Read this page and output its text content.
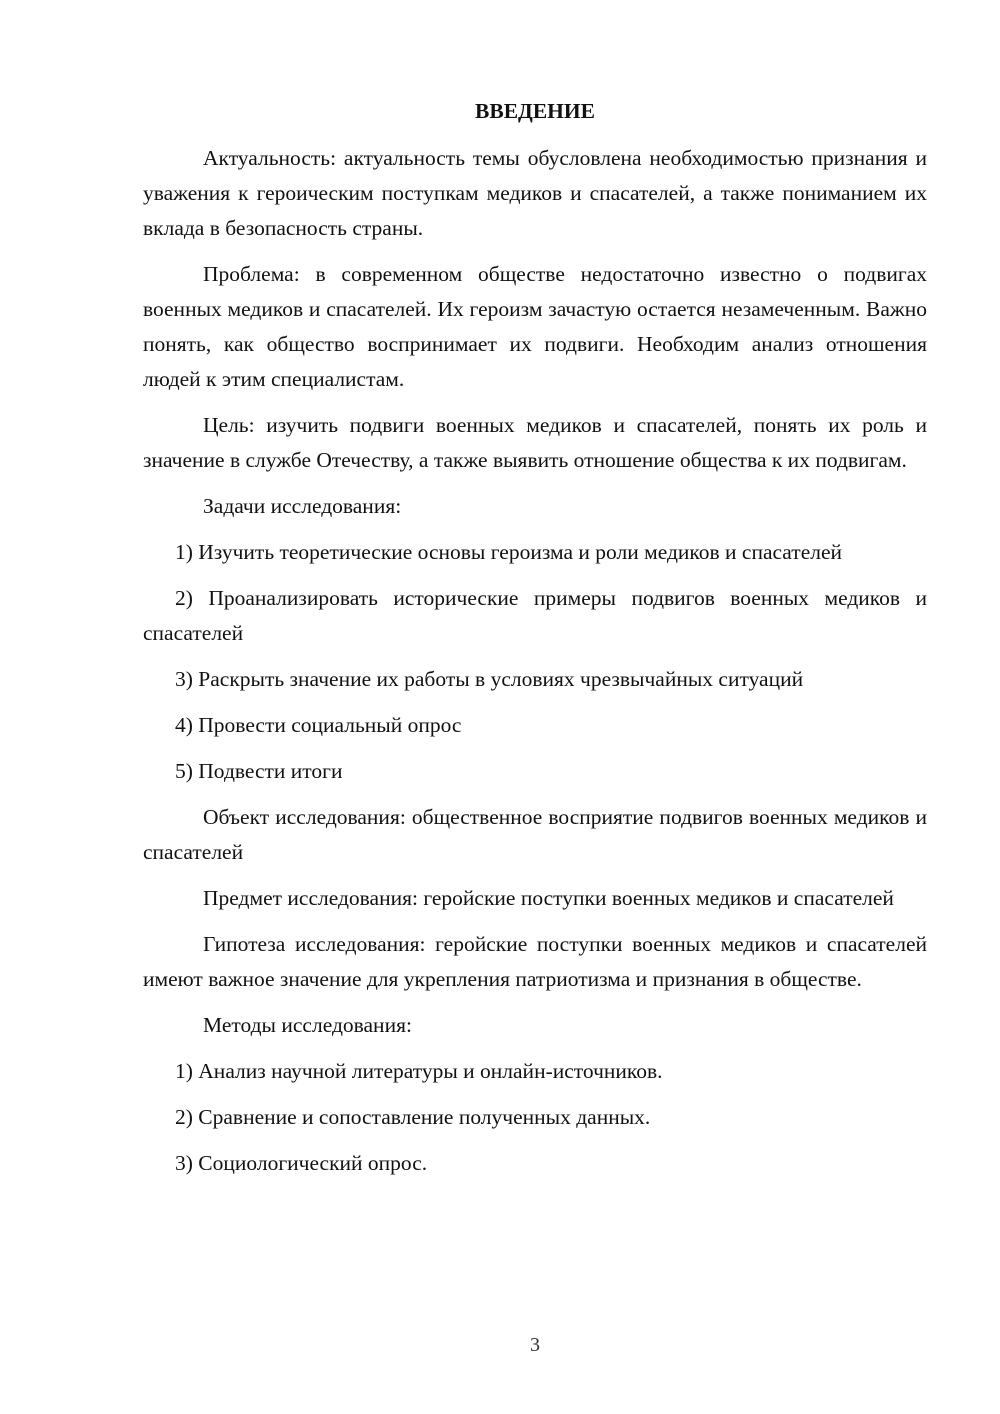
ВВЕДЕНИЕ

Актуальность: актуальность темы обусловлена необходимостью признания и уважения к героическим поступкам медиков и спасателей, а также пониманием их вклада в безопасность страны.

Проблема: в современном обществе недостаточно известно о подвигах военных медиков и спасателей. Их героизм зачастую остается незамеченным. Важно понять, как общество воспринимает их подвиги. Необходим анализ отношения людей к этим специалистам.

Цель: изучить подвиги военных медиков и спасателей, понять их роль и значение в службе Отечеству, а также выявить отношение общества к их подвигам.

Задачи исследования:

1) Изучить теоретические основы героизма и роли медиков и спасателей

2) Проанализировать исторические примеры подвигов военных медиков и спасателей

3) Раскрыть значение их работы в условиях чрезвычайных ситуаций

4) Провести социальный опрос

5) Подвести итоги

Объект исследования: общественное восприятие подвигов военных медиков и спасателей

Предмет исследования: геройские поступки военных медиков и спасателей

Гипотеза исследования: геройские поступки военных медиков и спасателей имеют важное значение для укрепления патриотизма и признания в обществе.

Методы исследования:

1) Анализ научной литературы и онлайн-источников.

2) Сравнение и сопоставление полученных данных.

3) Социологический опрос.

3
